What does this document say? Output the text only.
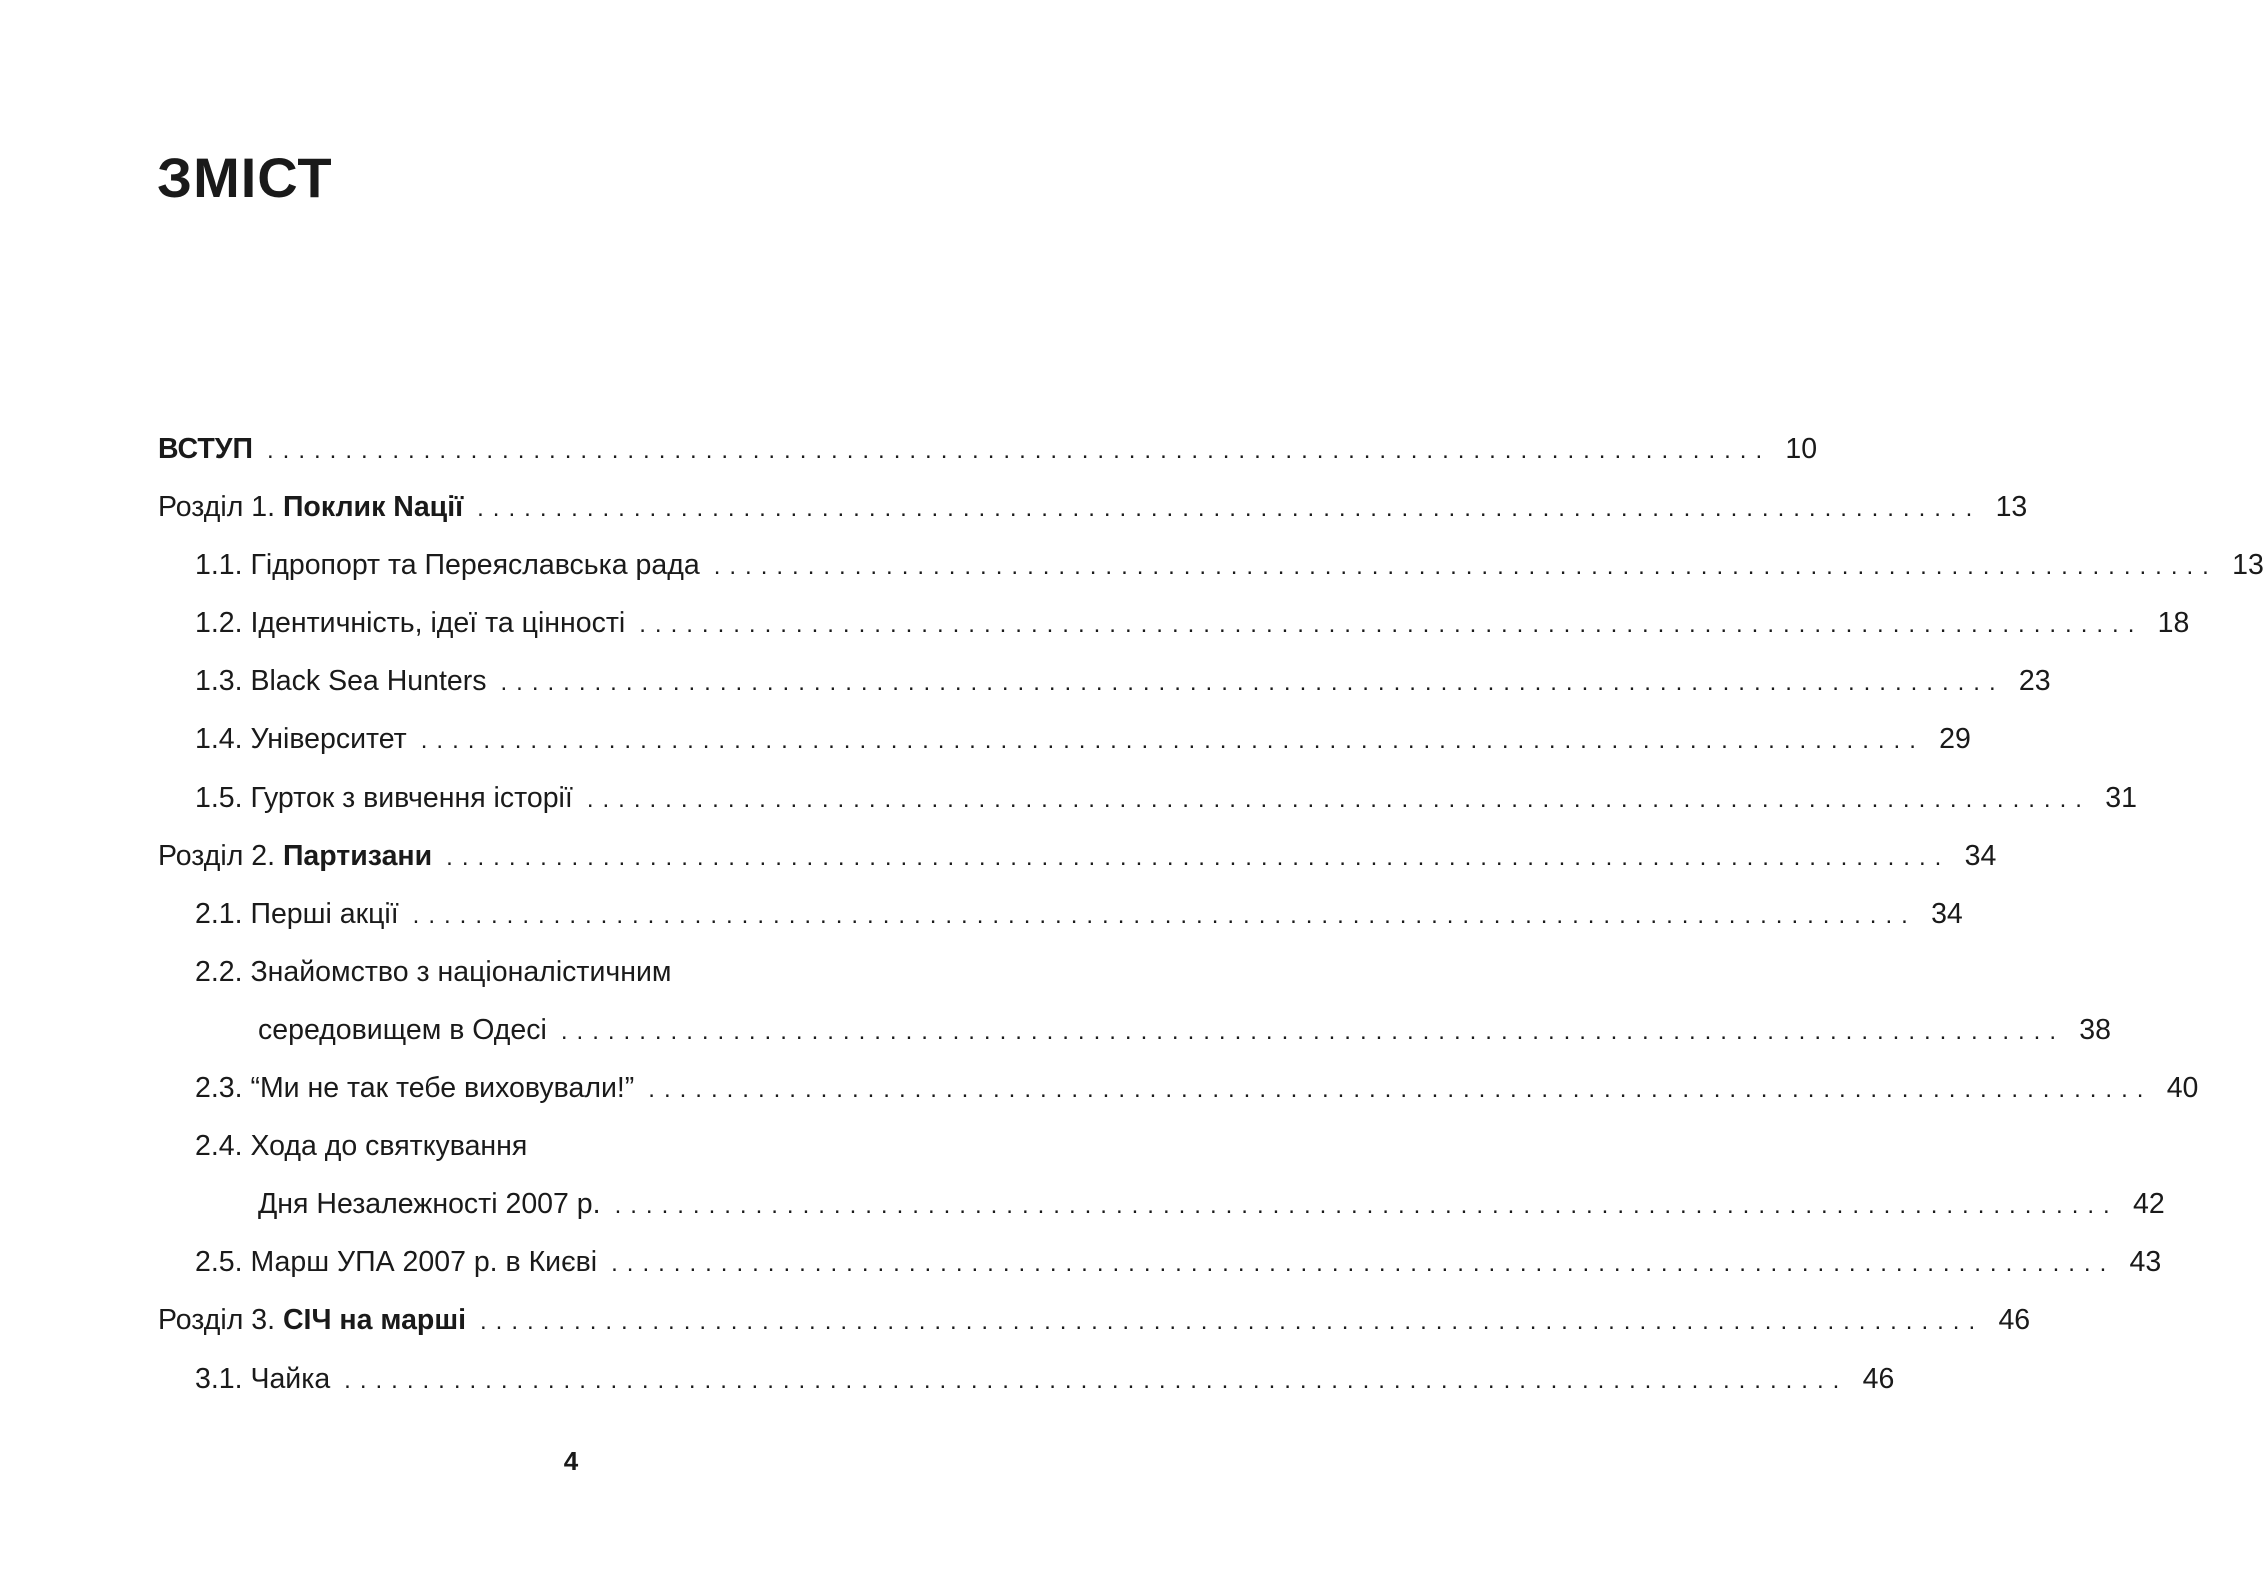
ЗМІСТ
ВСТУП ................................................................................................ 10
Розділ 1. Поклик Nації ................................................................................................ 13
1.1. Гідропорт та Переяславська рада ................................................................................................ 13
1.2. Ідентичність, ідеї та цінності ................................................................................................ 18
1.3. Black Sea Hunters ................................................................................................ 23
1.4. Університет ................................................................................................ 29
1.5. Гурток з вивчення історії ................................................................................................ 31
Розділ 2. Партизани ................................................................................................ 34
2.1. Перші акції ................................................................................................ 34
2.2. Знайомство з націоналістичним
середовищем в Одесі ................................................................................................ 38
2.3. “Ми не так тебе виховували!” ................................................................................................ 40
2.4. Хода до святкування
Дня Незалежності 2007 р. ................................................................................................ 42
2.5. Марш УПА 2007 р. в Києві ................................................................................................ 43
Розділ 3. СІЧ на марші ................................................................................................ 46
3.1. Чайка ................................................................................................ 46
4
